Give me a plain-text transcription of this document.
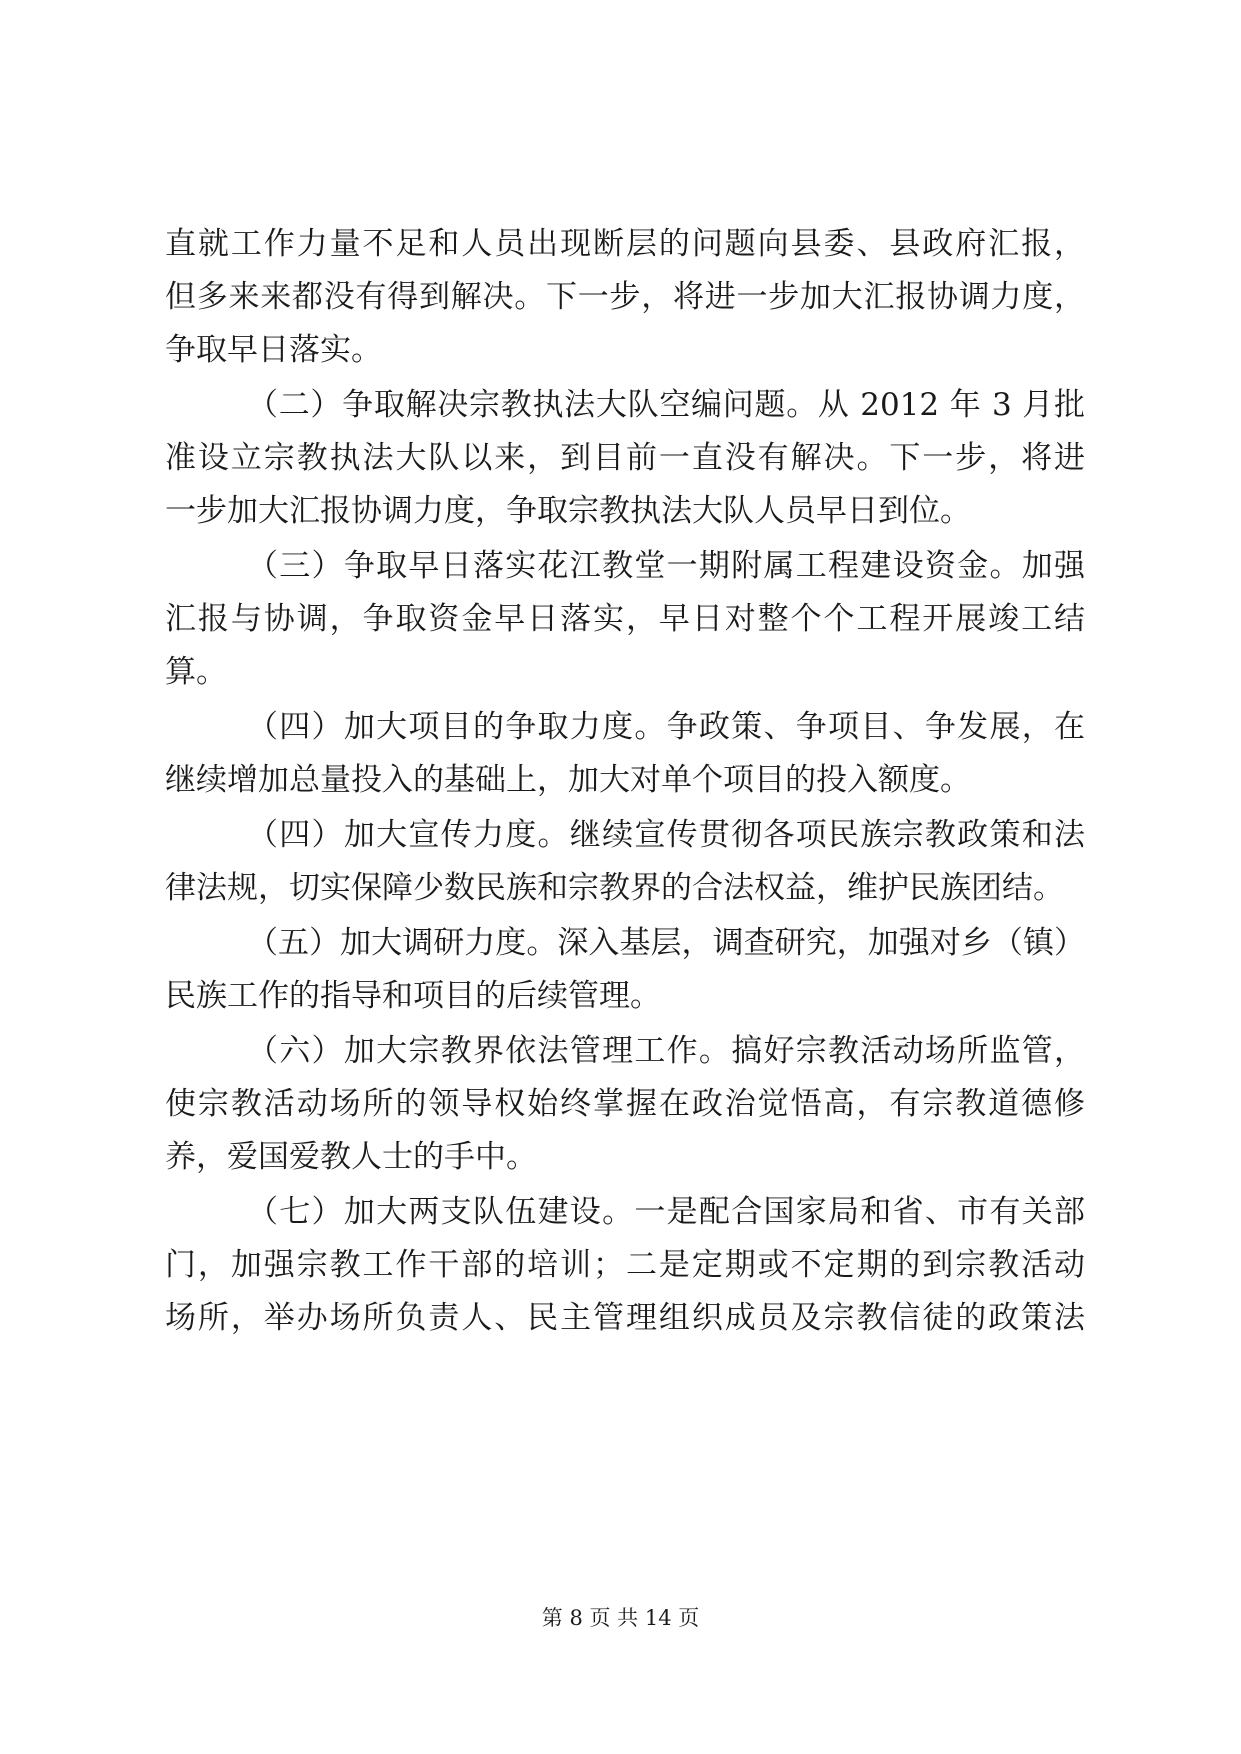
直就工作力量不足和人员出现断层的问题向县委、县政府汇报，
但多来来都没有得到解决。下一步，将进一步加大汇报协调力度，
争取早日落实。
（二）争取解决宗教执法大队空编问题。从 2012 年 3 月批
准设立宗教执法大队以来，到目前一直没有解决。下一步，将进
一步加大汇报协调力度，争取宗教执法大队人员早日到位。
（三）争取早日落实花江教堂一期附属工程建设资金。加强
汇报与协调，争取资金早日落实，早日对整个个工程开展竣工结
算。
（四）加大项目的争取力度。争政策、争项目、争发展，在
继续增加总量投入的基础上，加大对单个项目的投入额度。
（四）加大宣传力度。继续宣传贯彻各项民族宗教政策和法
律法规，切实保障少数民族和宗教界的合法权益，维护民族团结。
（五）加大调研力度。深入基层，调查研究，加强对乡（镇）
民族工作的指导和项目的后续管理。
（六）加大宗教界依法管理工作。搞好宗教活动场所监管，
使宗教活动场所的领导权始终掌握在政治觉悟高，有宗教道德修
养，爱国爱教人士的手中。
（七）加大两支队伍建设。一是配合国家局和省、市有关部
门，加强宗教工作干部的培训；二是定期或不定期的到宗教活动
场所，举办场所负责人、民主管理组织成员及宗教信徒的政策法
第 8 页 共 14 页
